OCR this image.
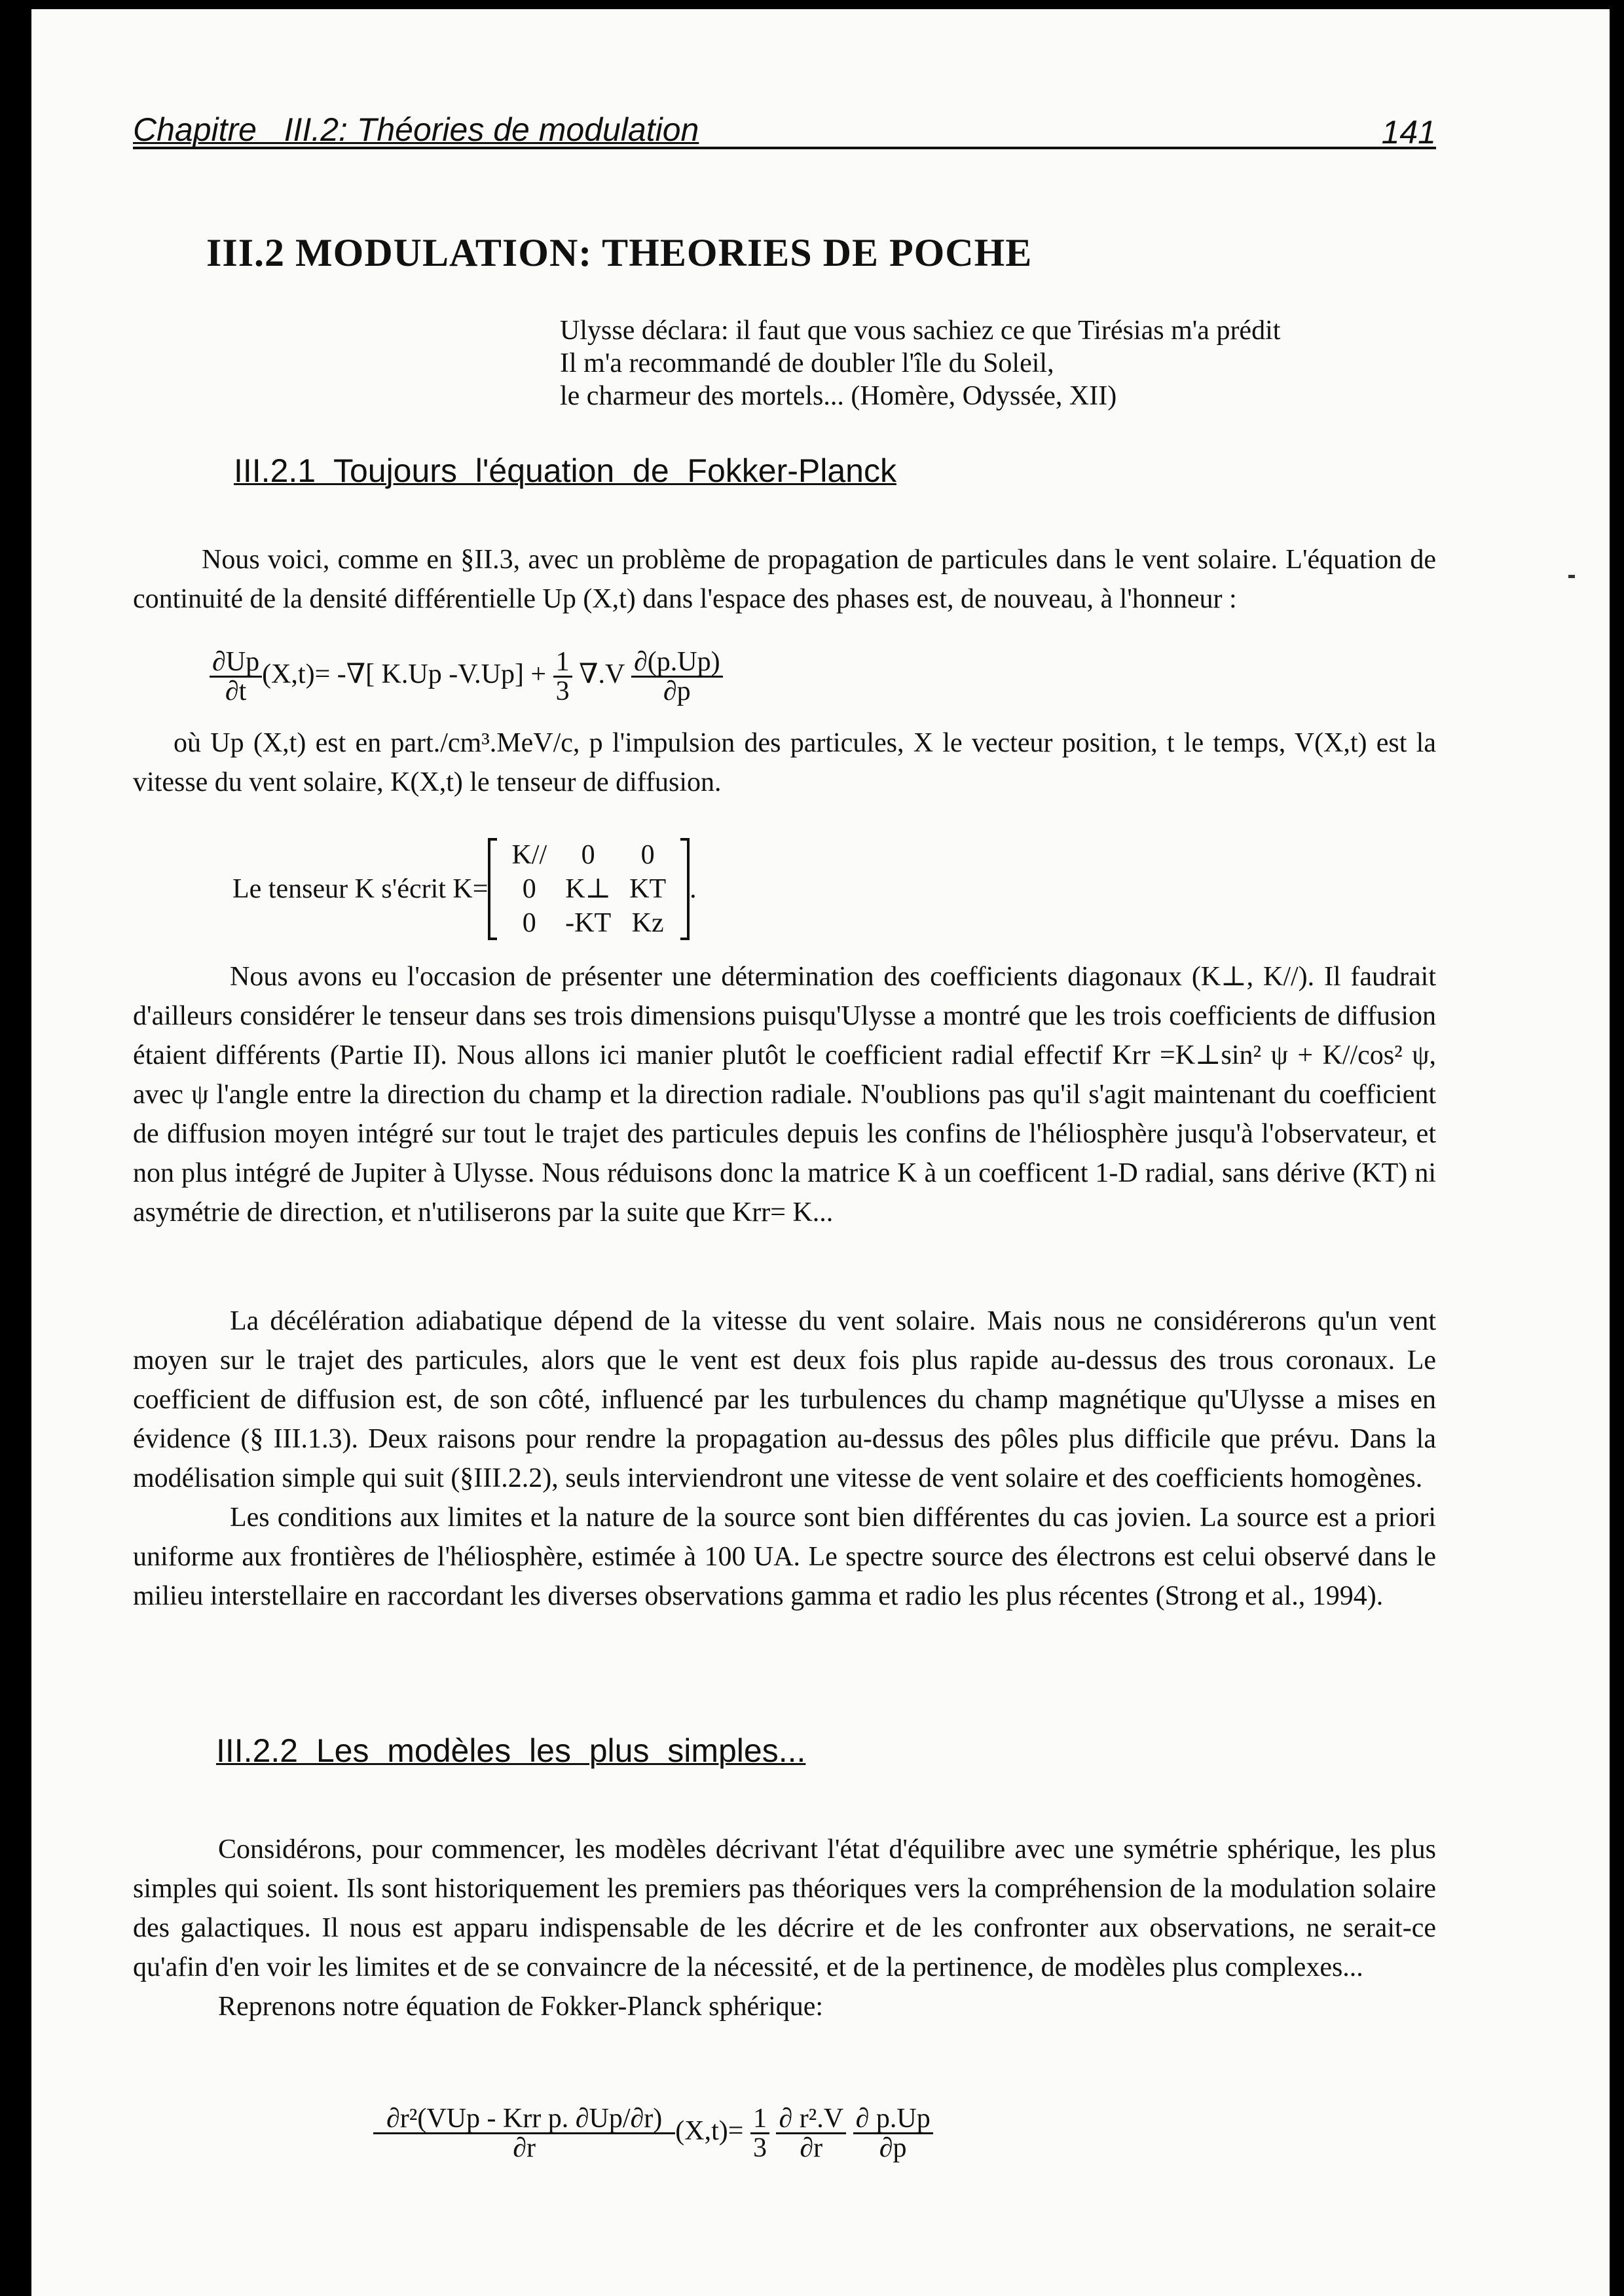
Chapitre   III.2: Théories de modulation	141
III.2 MODULATION: THEORIES DE POCHE
Ulysse déclara: il faut que vous sachiez ce que Tirésias m'a prédit
Il m'a recommandé de doubler l'île du Soleil,
le charmeur des mortels... (Homère, Odyssée, XII)
III.2.1  Toujours  l'équation  de  Fokker-Planck

Nous voici, comme en §II.3, avec un problème de propagation de particules dans le vent solaire. L'équation de continuité de la densité différentielle Up (X,t) dans l'espace des phases est, de nouveau, à l'honneur :

$\frac{\partial Up}{\partial t} (X,t)=$ -∇[ K.Up $-V.Up] + \frac{1}{3} \nabla.V \frac{\partial(p.Up)}{\partial p}$

où Up (X,t) est en part./cm³.MeV/c, p l'impulsion des particules, X le vecteur position, t le temps, V(X,t) est la vitesse du vent solaire, K(X,t) le tenseur de diffusion.

Le tenseur K s'écrit K=
K//	0	0
0	K⊥	KT
0	-KT	Kz
.

Nous avons eu l'occasion de présenter une détermination des coefficients diagonaux (K⊥, K//). Il faudrait d'ailleurs considérer le tenseur dans ses trois dimensions puisqu'Ulysse a montré que les trois coefficients de diffusion étaient différents (Partie II). Nous allons ici manier plutôt le coefficient radial effectif Krr =K⊥sin² ψ + K//cos² ψ, avec ψ l'angle entre la direction du champ et la direction radiale. N'oublions pas qu'il s'agit maintenant du coefficient de diffusion moyen intégré sur tout le trajet des particules depuis les confins de l'héliosphère jusqu'à l'observateur, et non plus intégré de Jupiter à Ulysse. Nous réduisons donc la matrice K à un coefficent 1-D radial, sans dérive (KT) ni asymétrie de direction, et n'utiliserons par la suite que Krr= K...

La décélération adiabatique dépend de la vitesse du vent solaire. Mais nous ne considérerons qu'un vent moyen sur le trajet des particules, alors que le vent est deux fois plus rapide au-dessus des trous coronaux. Le coefficient de diffusion est, de son côté, influencé par les turbulences du champ magnétique qu'Ulysse a mises en évidence (§ III.1.3). Deux raisons pour rendre la propagation au-dessus des pôles plus difficile que prévu. Dans la modélisation simple qui suit (§III.2.2), seuls interviendront une vitesse de vent solaire et des coefficients homogènes.

Les conditions aux limites et la nature de la source sont bien différentes du cas jovien. La source est a priori uniforme aux frontières de l'héliosphère, estimée à 100 UA. Le spectre source des électrons est celui observé dans le milieu interstellaire en raccordant les diverses observations gamma et radio les plus récentes (Strong et al., 1994).

III.2.2  Les  modèles  les  plus  simples...

Considérons, pour commencer, les modèles décrivant l'état d'équilibre avec une symétrie sphérique, les plus simples qui soient. Ils sont historiquement les premiers pas théoriques vers la compréhension de la modulation solaire des galactiques. Il nous est apparu indispensable de les décrire et de les confronter aux observations, ne serait-ce qu'afin d'en voir les limites et de se convaincre de la nécessité, et de la pertinence, de modèles plus complexes...

Reprenons notre équation de Fokker-Planck sphérique:

$\frac{\text{∂r²(VUp - Krr p. ∂Up/∂r)}}{\partial r} (X,t)= \frac{1}{3}$
$\frac{\text{∂ r².V}}{\partial r}$
$\frac{\partial p.Up}{\partial p}$
